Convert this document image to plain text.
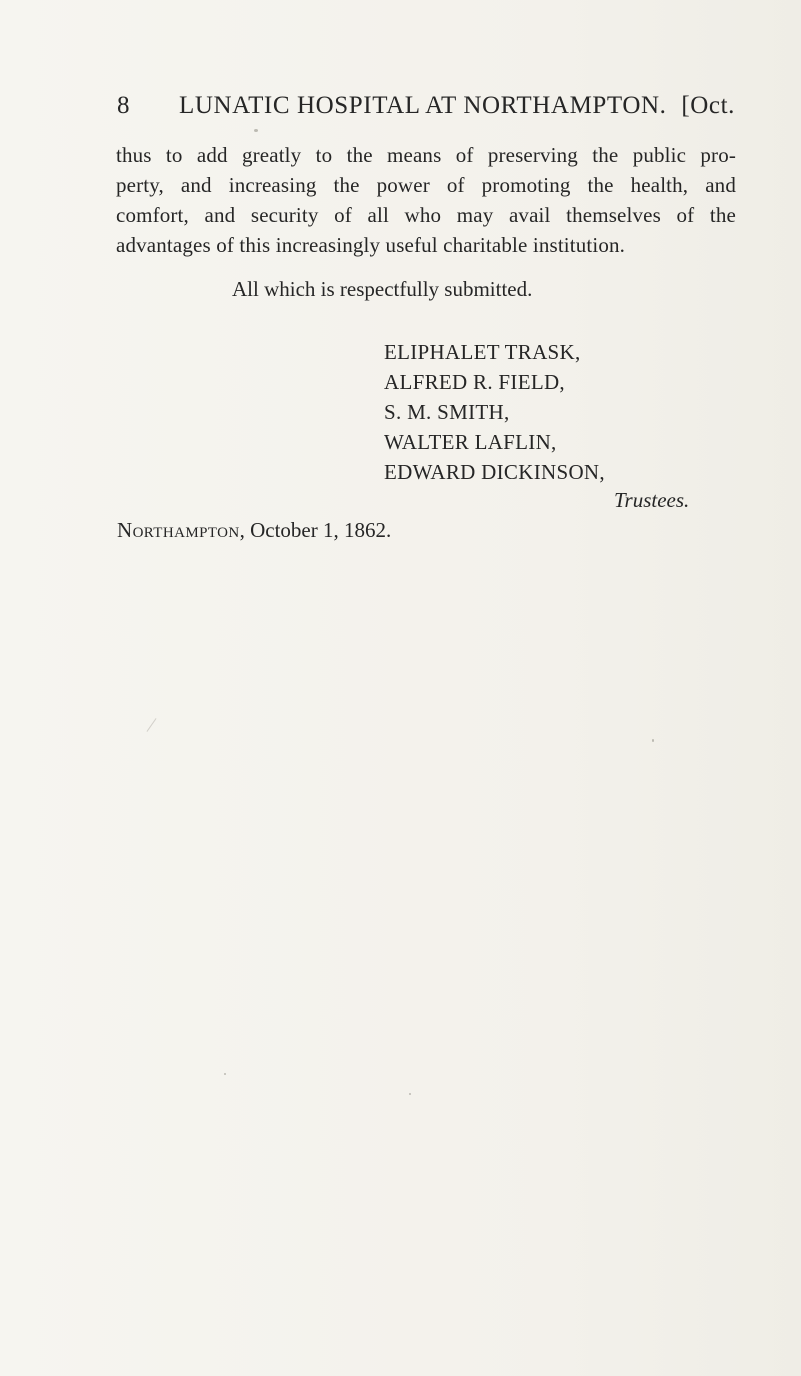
8 LUNATIC HOSPITAL AT NORTHAMPTON. [Oct.
thus to add greatly to the means of preserving the public pro-
perty, and increasing the power of promoting the health, and
comfort, and security of all who may avail themselves of the
advantages of this increasingly useful charitable institution.
All which is respectfully submitted.
ELIPHALET TRASK,
ALFRED R. FIELD,
S. M. SMITH,
WALTER LAFLIN,
EDWARD DICKINSON,
Trustees.
Northampton, October 1, 1862.
